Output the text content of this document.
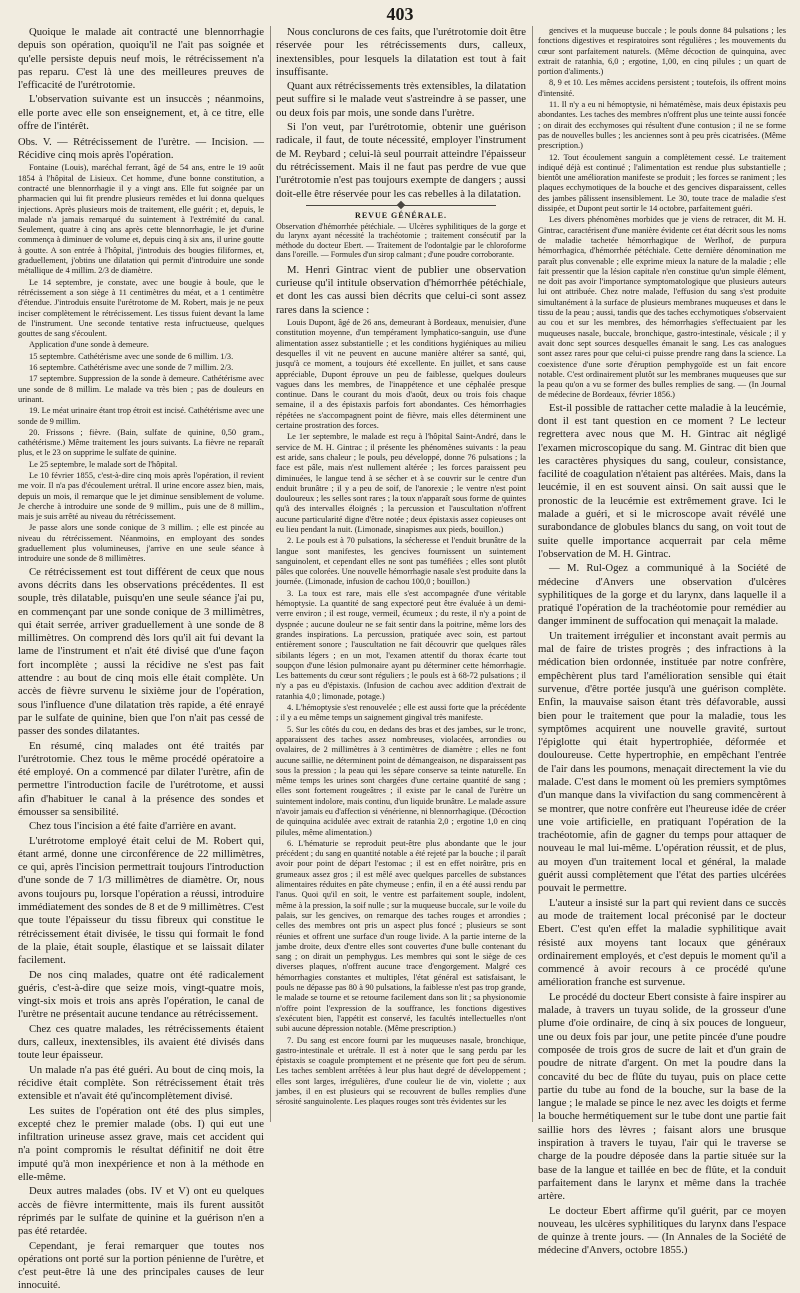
403

Quoique le malade ait contracté une blennorrhagie depuis son opération, quoiqu'il ne l'ait pas soignée et qu'elle persiste depuis neuf mois, le rétrécissement n'a pas reparu. C'est là une des meilleures preuves de l'efficacité de l'urétrotomie.

L'observation suivante est un insuccès ; néanmoins, elle porte avec elle son enseignement, et, à ce titre, elle offre de l'intérêt.

Obs. V. — Rétrécissement de l'urètre. — Incision. — Récidive cinq mois après l'opération.

Fontaine (Louis), maréchal ferrant, âgé de 54 ans, entre le 19 août 1854 à l'hôpital de Lisieux. Cet homme, d'une bonne constitution, a contracté une blennorrhagie il y a vingt ans. Elle fut soignée par un pharmacien qui lui fit prendre plusieurs remèdes et lui donna quelques injections. Après plusieurs mois de traitement, elle guérit ; et, depuis, le malade n'a jamais remarqué du suintement à l'extrémité du canal. Seulement, quatre à cinq ans après cette blennorrhagie, le jet d'urine commença à diminuer de volume et, depuis cinq à six ans, il urine goutte à goutte. A son entrée à l'hôpital, j'introduis des bougies filiformes, et, graduellement, j'obtins une dilatation qui permit d'introduire une sonde métallique de 4 millim. 2/3 de diamètre.

Le 14 septembre, je constate, avec une bougie à boule, que le rétrécissement a son siège à 11 centimètres du méat, et a 1 centimètre d'étendue. J'introduis ensuite l'urétrotome de M. Robert, mais je ne peux inciser complètement le rétrécissement. Les tissus fuient devant la lame de l'instrument. Une seconde tentative resta infructueuse, quelques gouttes de sang s'écoulent.

Application d'une sonde à demeure.

15 septembre. Cathétérisme avec une sonde de 6 millim. 1/3.

16 septembre. Cathétérisme avec une sonde de 7 millim. 2/3.

17 septembre. Suppression de la sonde à demeure. Cathétérisme avec une sonde de 8 millim. Le malade va très bien ; pas de douleurs en urinant.

19. Le méat urinaire étant trop étroit est incisé. Cathétérisme avec une sonde de 9 millim.

20. Frissons ; fièvre. (Bain, sulfate de quinine, 0,50 gram., cathétérisme.) Même traitement les jours suivants. La fièvre ne reparaît plus, et le 23 on supprime le sulfate de quinine.

Le 25 septembre, le malade sort de l'hôpital.

Le 10 février 1855, c'est-à-dire cinq mois après l'opération, il revient me voir. Il n'a pas d'écoulement urétral. Il urine encore assez bien, mais, depuis un mois, il remarque que le jet diminue sensiblement de volume. Je cherche à introduire une sonde de 9 millim., puis une de 8 millim., mais je suis arrêté au niveau du rétrécissement.

Je passe alors une sonde conique de 3 millim. ; elle est pincée au niveau du rétrécissement. Néanmoins, en employant des sondes graduellement plus volumineuses, j'arrive en une seule séance à introduire une sonde de 8 millimètres.

Ce rétrécissement est tout différent de ceux que nous avons décrits dans les observations précédentes. Il est souple, très dilatable, puisqu'en une seule séance j'ai pu, en commençant par une sonde conique de 3 millimètres, qui était serrée, arriver graduellement à une sonde de 8 millimètres. On comprend dès lors qu'il ait fui devant la lame de l'instrument et n'ait été divisé que d'une façon fort incomplète ; aussi la récidive ne s'est pas fait attendre : au bout de cinq mois elle était complète. Un accès de fièvre survenu le sixième jour de l'opération, sous l'influence d'une dilatation très rapide, a été enrayé par le sulfate de quinine, bien que l'on n'ait pas cessé de passer des sondes dilatantes.

En résumé, cinq malades ont été traités par l'urétrotomie. Chez tous le même procédé opératoire a été employé. On a commencé par dilater l'urètre, afin de permettre l'introduction facile de l'urétrotome, et aussi afin d'habituer le canal à la présence des sondes et émousser sa sensibilité.

Chez tous l'incision a été faite d'arrière en avant.

L'urétrotome employé était celui de M. Robert qui, étant armé, donne une circonférence de 22 millimètres, ce qui, après l'incision permettrait toujours l'introduction d'une sonde de 7 1/3 millimètres de diamètre. Or, nous avons toujours pu, lorsque l'opération a réussi, introduire immédiatement des sondes de 8 et de 9 millimètres. C'est que toute l'épaisseur du tissu fibreux qui constitue le rétrécissement était divisée, le tissu qui formait le fond de la plaie, était souple, élastique et se laissait dilater facilement.

De nos cinq malades, quatre ont été radicalement guéris, c'est-à-dire que seize mois, vingt-quatre mois, vingt-six mois et trois ans après l'opération, le canal de l'urètre ne présentait aucune tendance au rétrécissement.

Chez ces quatre malades, les rétrécissements étaient durs, calleux, inextensibles, ils avaient été divisés dans toute leur épaisseur.

Un malade n'a pas été guéri. Au bout de cinq mois, la récidive était complète. Son rétrécissement était très extensible et n'avait été qu'incomplètement divisé.

Les suites de l'opération ont été des plus simples, excepté chez le premier malade (obs. I) qui eut une infiltration urineuse assez grave, mais cet accident qui n'a point compromis le résultat définitif ne doit être imputé qu'à mon inexpérience et non à la méthode en elle-même.

Deux autres malades (obs. IV et V) ont eu quelques accès de fièvre intermittente, mais ils furent aussitôt réprimés par le sulfate de quinine et la guérison n'en a pas été retardée.

Cependant, je ferai remarquer que toutes nos opérations ont porté sur la portion pénienne de l'urètre, et c'est peut-être là une des principales causes de leur innocuité.

Nous conclurons de ces faits, que l'urétrotomie doit être réservée pour les rétrécissements durs, calleux, inextensibles, pour lesquels la dilatation est tout à fait insuffisante.

Quant aux rétrécissements très extensibles, la dilatation peut suffire si le malade veut s'astreindre à se passer, une ou deux fois par mois, une sonde dans l'urètre.

Si l'on veut, par l'urétrotomie, obtenir une guérison radicale, il faut, de toute nécessité, employer l'instrument de M. Reybard ; celui-là seul pourrait atteindre l'épaisseur du rétrécissement. Mais il ne faut pas perdre de vue que l'urétrotomie n'est pas toujours exempte de dangers ; aussi doit-elle être réservée pour les cas rebelles à la dilatation.

REVUE GÉNÉRALE.

Observation d'hémorrhée pétéchiale. — Ulcères syphilitiques de la gorge et du larynx ayant nécessité la trachéotomie ; traitement consécutif par la méthode du docteur Ebert. — Traitement de l'odontalgie par le chloroforme dans l'oreille. — Formules d'un sirop calmant ; d'une poudre corroborante.

M. Henri Gintrac vient de publier une observation curieuse qu'il intitule observation d'hémorrhée pétéchiale, et dont les cas aussi bien décrits que celui-ci sont assez rares dans la science :

Louis Dupont, âgé de 26 ans, demeurant à Bordeaux, menuisier, d'une constitution moyenne, d'un tempérament lymphatico-sanguin, use d'une alimentation assez substantielle ; et les conditions hygiéniques au milieu desquelles il vit ne peuvent en aucune manière altérer sa santé, qui, jusqu'à ce moment, a toujours été excellente. En juillet, et sans cause appréciable, Dupont éprouve un peu de faiblesse, quelques douleurs vagues dans les membres, de l'inappétence et une céphalée presque continue. Dans le courant du mois d'août, deux ou trois fois chaque semaine, il a des épistaxis parfois fort abondantes. Ces hémorrhagies répétées ne s'accompagnent point de fièvre, mais elles déterminent une certaine prostration des forces.

Le 1er septembre, le malade est reçu à l'hôpital Saint-André, dans le service de M. H. Gintrac ; il présente les phénomènes suivants : la peau est aride, sans chaleur ; le pouls, peu développé, donne 76 pulsations ; la face est pâle, mais n'est nullement altérée ; les forces paraissent peu diminuées, le langue tend à se sécher et à se couvrir sur le centre d'un enduit brunâtre ; il y a peu de soif, de l'anorexie ; le ventre n'est point douloureux ; les selles sont rares ; la toux n'apparaît sous forme de quintes qu'à des intervalles éloignés ; la percussion et l'auscultation n'offrent aucune particularité digne d'être notée ; deux épistaxis assez copieuses ont eu lieu pendant la nuit. (Limonade, sinapismes aux pieds, bouillon.)

2. Le pouls est à 70 pulsations, la sécheresse et l'enduit brunâtre de la langue sont manifestes, les gencives fournissent un suintement sanguinolent, et cependant elles ne sont pas tuméfiées ; elles sont plutôt pâles que colorées. Une nouvelle hémorrhagie nasale s'est produite dans la journée. (Limonade, infusion de cachou 100,0 ; bouillon.)

3. La toux est rare, mais elle s'est accompagnée d'une véritable hémoptysie. La quantité de sang expectoré peut être évaluée à un demi-verre environ ; il est rouge, vermeil, écumeux ; du reste, il n'y a point de dyspnée ; aucune douleur ne se fait sentir dans la poitrine, même lors des grandes inspirations. La percussion, pratiquée avec soin, est partout entièrement sonore ; l'auscultation ne fait découvrir que quelques râles sibilants légers ; en un mot, l'examen attentif du thorax écarte tout soupçon d'une lésion pulmonaire ayant pu déterminer cette hémorrhagie. Les battements du cœur sont réguliers ; le pouls est à 68-72 pulsations ; il n'y a pas eu d'épistaxis. (Infusion de cachou avec addition d'extrait de ratanhia 4,0 ; limonade, potage.)

4. L'hémoptysie s'est renouvelée ; elle est aussi forte que la précédente ; il y a eu même temps un saignement gingival très manifeste.

5. Sur les côtés du cou, en dedans des bras et des jambes, sur le tronc, apparaissent des taches assez nombreuses, violacées, arrondies ou ovalaires, de 2 millimètres à 3 centimètres de diamètre ; elles ne font aucune saillie, ne déterminent point de démangeaison, ne disparaissent pas sous la pression ; la peau qui les sépare conserve sa teinte naturelle. En même temps les urines sont chargées d'une certaine quantité de sang ; elles sont fortement rougeâtres ; il existe par le canal de l'urètre un suintement indolore, mais continu, d'un liquide brunâtre. Le malade assure n'avoir jamais eu d'affection si vénérienne, ni blennorrhagique. (Décoction de quinquina acidulée avec extrait de ratanhia 2,0 ; ergotine 1,0 en cinq pilules, même alimentation.)

6. L'hématurie se reproduit peut-être plus abondante que le jour précédent ; du sang en quantité notable a été rejeté par la bouche ; il paraît avoir pour point de départ l'estomac ; il est en effet noirâtre, pris en grumeaux assez gros ; il est mêlé avec quelques parcelles de substances alimentaires réduites en pâte chymeuse ; enfin, il en a été aussi rendu par l'anus. Quoi qu'il en soit, le ventre est parfaitement souple, indolent, même à la pression, la soif nulle ; sur la muqueuse buccale, sur le voile du palais, sur les gencives, on remarque des taches rouges et arrondies ; celles des membres ont pris un aspect plus foncé ; plusieurs se sont réunies et offrent une surface d'un rouge livide. A la partie interne de la jambe droite, deux d'entre elles sont couvertes d'une bulle contenant du sang ; on dirait un pemphygus. Les membres qui sont le siège de ces diverses plaques, n'offrent aucune trace d'engorgement. Malgré ces hémorrhagies constantes et multiples, l'état général est satisfaisant, le pouls ne dépasse pas 80 à 90 pulsations, la faiblesse n'est pas trop grande, le malade se tourne et se retourne facilement dans son lit ; sa physionomie n'offre point l'expression de la souffrance, les fonctions digestives s'exécutent bien, l'appétit est conservé, les facultés intellectuelles n'ont subi aucune dépression notable. (Même prescription.)

7. Du sang est encore fourni par les muqueuses nasale, bronchique, gastro-intestinale et urétrale. Il est à noter que le sang perdu par les épistaxis se coagule promptement et ne présente que fort peu de sérum. Les taches semblent arrêtées à leur plus haut degré de développement ; elles sont larges, irrégulières, d'une couleur lie de vin, violette ; aux jambes, il en est plusieurs qui se recouvrent de bulles remplies d'une sérosité sanguinolente. Les plaques rouges sont très évidentes sur les

gencives et la muqueuse buccale ; le pouls donne 84 pulsations ; les fonctions digestives et respiratoires sont régulières ; les mouvements du cœur sont parfaitement naturels. (Même décoction de quinquina, avec extrait de ratanhia, 6,0 ; ergotine, 1,00, en cinq pilules ; un quart de portion d'aliments.)

8, 9 et 10. Les mêmes accidens persistent ; toutefois, ils offrent moins d'intensité.

11. Il n'y a eu ni hémoptysie, ni hématémèse, mais deux épistaxis peu abondantes. Les taches des membres n'offrent plus une teinte aussi foncée ; on dirait des ecchymoses qui résultent d'une contusion ; il ne se forme pas de nouvelles bulles ; les anciennes sont à peu près cicatrisées. (Même prescription.)

12. Tout écoulement sanguin a complètement cessé. Le traitement indiqué déjà est continué ; l'alimentation est rendue plus substantielle ; bientôt une amélioration manifeste se produit ; les forces se raniment ; les plaques ecchymotiques de la bouche et des gencives disparaissent, celles des jambes pâlissent insensiblement. Le 30, toute trace de maladie s'est dissipée, et Dupont peut sortir le 14 octobre, parfaitement guéri.

Les divers phénomènes morbides que je viens de retracer, dit M. H. Gintrac, caractérisent d'une manière évidente cet état décrit sous les noms de maladie tachetée hémorrhagique de Werlhof, de purpura hémorrhagica, d'hémorrhée pétéchiale. Cette dernière dénomination me paraît plus convenable ; elle exprime mieux la nature de la maladie ; elle fait pressentir que la lésion capitale n'en constitue qu'un simple élément, ne doit pas avoir l'importance symptomatologique que plusieurs auteurs lui ont attribuée. Chez notre malade, l'effusion du sang s'est produite simultanément à la surface de plusieurs membranes muqueuses et dans le tissu de la peau ; aussi, tandis que des taches ecchymotiques s'observaient au cou et sur les membres, des hémorrhagies s'effectuaient par les muqueuses nasale, buccale, bronchique, gastro-intestinale, vésicale ; il y avait donc sept sources desquelles émanait le sang. Les cas analogues sont assez rares pour que celui-ci puisse prendre rang dans la science. La coexistence d'une sorte d'éruption pemphygoïde est un fait encore notable. C'est ordinairement plutôt sur les membranes muqueuses que sur la peau qu'on a vu se former des bulles remplies de sang. — (In Journal de médecine de Bordeaux, février 1856.)

Est-il possible de rattacher cette maladie à la leucémie, dont il est tant question en ce moment ? Le lecteur regrettera avec nous que M. H. Gintrac ait négligé l'examen microscopique du sang. M. Gintrac dit bien que les caractères physiques du sang, couleur, consistance, facilité de coagulation n'étaient pas altérées. Mais, dans la leucémie, il en est souvent ainsi. On sait aussi que le pronostic de la leucémie est extrêmement grave. Ici le malade a guéri, et si le microscope avait révélé une surabondance de globules blancs du sang, on voit tout de suite quelle importance acquerrait par cela même l'observation de M. H. Gintrac.

— M. Rul-Ogez a communiqué à la Société de médecine d'Anvers une observation d'ulcères syphilitiques de la gorge et du larynx, dans laquelle il a pratiqué l'opération de la trachéotomie pour remédier au danger imminent de suffocation qui menaçait la malade.

Un traitement irrégulier et inconstant avait permis au mal de faire de tristes progrès ; des infractions à la médication bien ordonnée, instituée par notre confrère, empêchèrent plus tard l'amélioration sensible qui était survenue, d'être portée jusqu'à une guérison complète. Enfin, la mauvaise saison étant très défavorable, aussi bien pour le traitement que pour la maladie, tous les symptômes acquirent une nouvelle gravité, surtout l'épiglotte qui était hypertrophiée, déformée et douloureuse. Cette hypertrophie, en empêchant l'entrée de l'air dans les poumons, menaçait directement la vie du malade. C'est dans le moment où les premiers symptômes d'un manque dans la vivifaction du sang commencèrent à se montrer, que notre confrère eut l'heureuse idée de créer une voie artificielle, en pratiquant l'opération de la trachéotomie, afin de gagner du temps pour attaquer de nouveau le mal lui-même. L'opération réussit, et de plus, au moyen d'un traitement local et général, la malade guérit aussi complètement que l'état des parties ulcérées pouvait le permettre.

L'auteur a insisté sur la part qui revient dans ce succès au mode de traitement local préconisé par le docteur Ebert. C'est qu'en effet la maladie syphilitique avait résisté aux moyens tant locaux que généraux ordinairement employés, et c'est depuis le moment qu'il a commencé à avoir recours à ce procédé qu'une amélioration franche est survenue.

Le procédé du docteur Ebert consiste à faire inspirer au malade, à travers un tuyau solide, de la grosseur d'une plume d'oie ordinaire, de cinq à six pouces de longueur, une ou deux fois par jour, une petite pincée d'une poudre composée de trois gros de sucre de lait et d'un grain de poudre de nitrate d'argent. On met la poudre dans la concavité du bec de flûte du tuyau, puis on place cette partie du tube au fond de la bouche, sur la base de la langue ; le malade se pince le nez avec les doigts et ferme la bouche hermétiquement sur le tube dont une partie fait saillie hors des lèvres ; faisant alors une brusque inspiration à travers le tuyau, l'air qui le traverse se charge de la poudre déposée dans la partie située sur la base de la langue et taillée en bec de flûte, et la conduit parfaitement dans le larynx et même dans la trachée artère.

Le docteur Ebert affirme qu'il guérit, par ce moyen nouveau, les ulcères syphilitiques du larynx dans l'espace de quinze à trente jours. — (In Annales de la Société de médecine d'Anvers, octobre 1855.)
